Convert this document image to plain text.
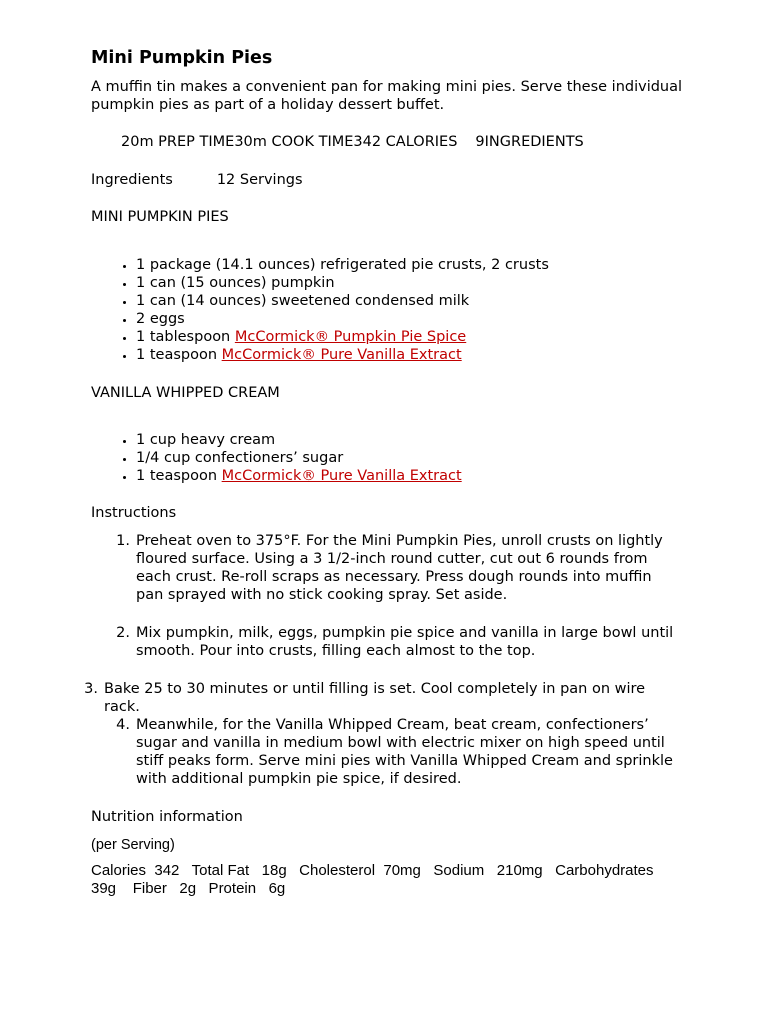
Mini Pumpkin Pies
A muffin tin makes a convenient pan for making mini pies. Serve these individual pumpkin pies as part of a holiday dessert buffet.
20m PREP TIME30m COOK TIME342 CALORIES 9INGREDIENTS
Ingredients	12 Servings
MINI PUMPKIN PIES
• 1 package (14.1 ounces) refrigerated pie crusts, 2 crusts
• 1 can (15 ounces) pumpkin
• 1 can (14 ounces) sweetened condensed milk
• 2 eggs
• 1 tablespoon McCormick® Pumpkin Pie Spice
• 1 teaspoon McCormick® Pure Vanilla Extract
VANILLA WHIPPED CREAM
• 1 cup heavy cream
• 1/4 cup confectioners’ sugar
• 1 teaspoon McCormick® Pure Vanilla Extract
Instructions
1. Preheat oven to 375°F. For the Mini Pumpkin Pies, unroll crusts on lightly floured surface. Using a 3 1/2-inch round cutter, cut out 6 rounds from each crust. Re-roll scraps as necessary. Press dough rounds into muffin pan sprayed with no stick cooking spray. Set aside.
2. Mix pumpkin, milk, eggs, pumpkin pie spice and vanilla in large bowl until smooth. Pour into crusts, filling each almost to the top.
3. Bake 25 to 30 minutes or until filling is set. Cool completely in pan on wire rack.
4. Meanwhile, for the Vanilla Whipped Cream, beat cream, confectioners’ sugar and vanilla in medium bowl with electric mixer on high speed until stiff peaks form. Serve mini pies with Vanilla Whipped Cream and sprinkle with additional pumpkin pie spice, if desired.
Nutrition information
(per Serving)
Calories  342   Total Fat   18g   Cholesterol  70mg   Sodium   210mg   Carbohydrates
39g    Fiber   2g   Protein   6g
